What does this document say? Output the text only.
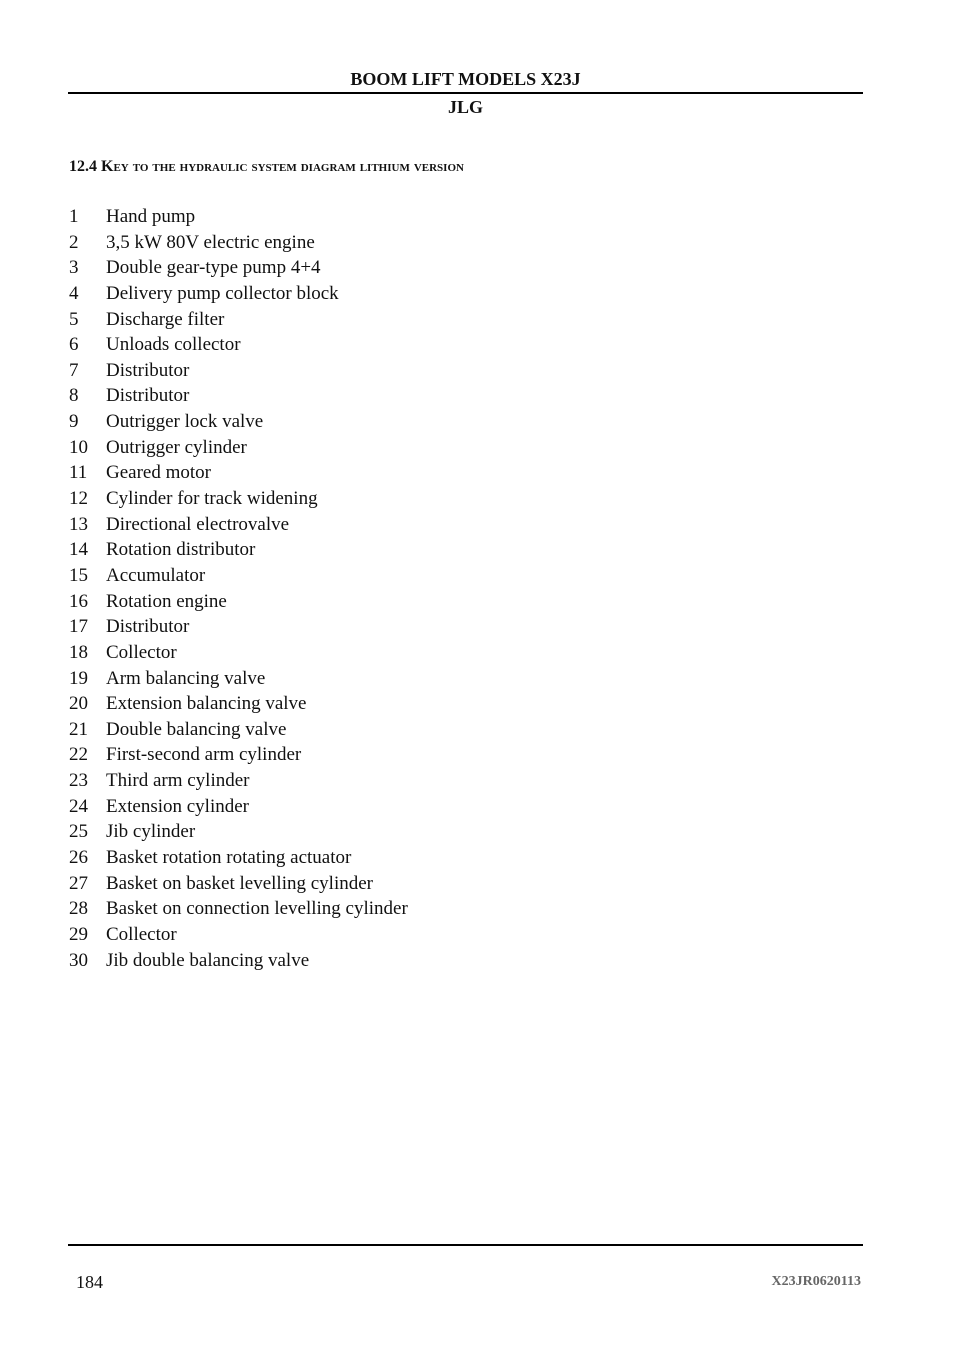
BOOM LIFT MODELS X23J
JLG
12.4 Key to the hydraulic system diagram lithium version
1	Hand pump
2	3,5 kW 80V electric engine
3	Double gear-type pump 4+4
4	Delivery pump collector block
5	Discharge filter
6	Unloads collector
7	Distributor
8	Distributor
9	Outrigger lock valve
10 Outrigger cylinder
11 Geared motor
12 Cylinder for track widening
13 Directional electrovalve
14 Rotation distributor
15 Accumulator
16 Rotation engine
17 Distributor
18 Collector
19 Arm balancing valve
20 Extension balancing valve
21 Double balancing valve
22 First-second arm cylinder
23 Third arm cylinder
24 Extension cylinder
25 Jib cylinder
26 Basket rotation rotating actuator
27 Basket on basket levelling cylinder
28 Basket on connection levelling cylinder
29 Collector
30 Jib double balancing valve
184	X23JR0620113
